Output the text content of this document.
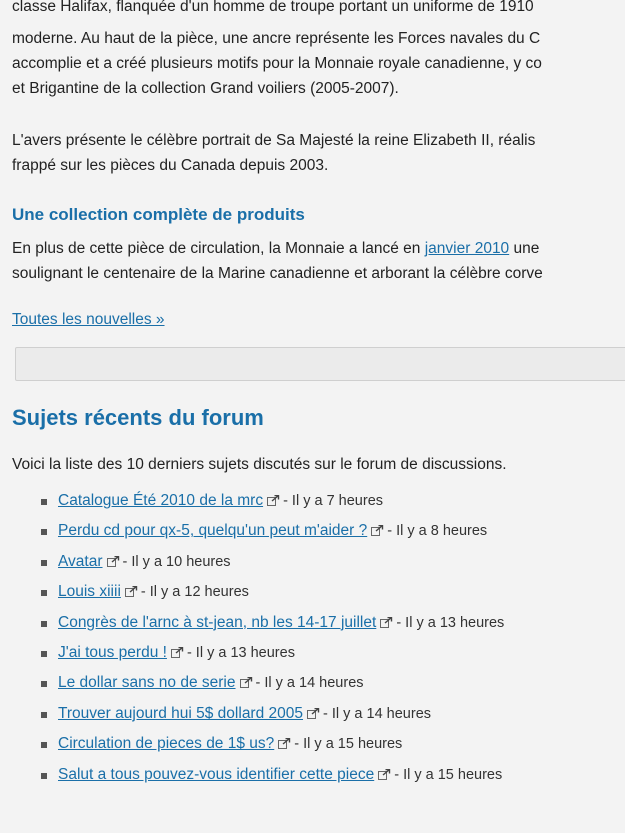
classe Halifax, flanquée d'un homme de troupe portant un uniforme de 1910
moderne. Au haut de la pièce, une ancre représente les Forces navales du C
accomplie et a créé plusieurs motifs pour la Monnaie royale canadienne, y co
et Brigantine de la collection Grand voiliers (2005-2007).
L'avers présente le célèbre portrait de Sa Majesté la reine Elizabeth II, réalis
frappé sur les pièces du Canada depuis 2003.
Une collection complète de produits
En plus de cette pièce de circulation, la Monnaie a lancé en janvier 2010 une
soulignant le centenaire de la Marine canadienne et arborant la célèbre corve
Toutes les nouvelles »
Sujets récents du forum
Voici la liste des 10 derniers sujets discutés sur le forum de discussions.
Catalogue Été 2010 de la mrc - Il y a 7 heures
Perdu cd pour qx-5, quelqu'un peut m'aider ? - Il y a 8 heures
Avatar - Il y a 10 heures
Louis xiiii - Il y a 12 heures
Congrès de l'arnc à st-jean, nb les 14-17 juillet - Il y a 13 heures
J'ai tous perdu ! - Il y a 13 heures
Le dollar sans no de serie - Il y a 14 heures
Trouver aujourd hui 5$ dollard 2005 - Il y a 14 heures
Circulation de pieces de 1$ us? - Il y a 15 heures
Salut a tous pouvez-vous identifier cette piece - Il y a 15 heures
